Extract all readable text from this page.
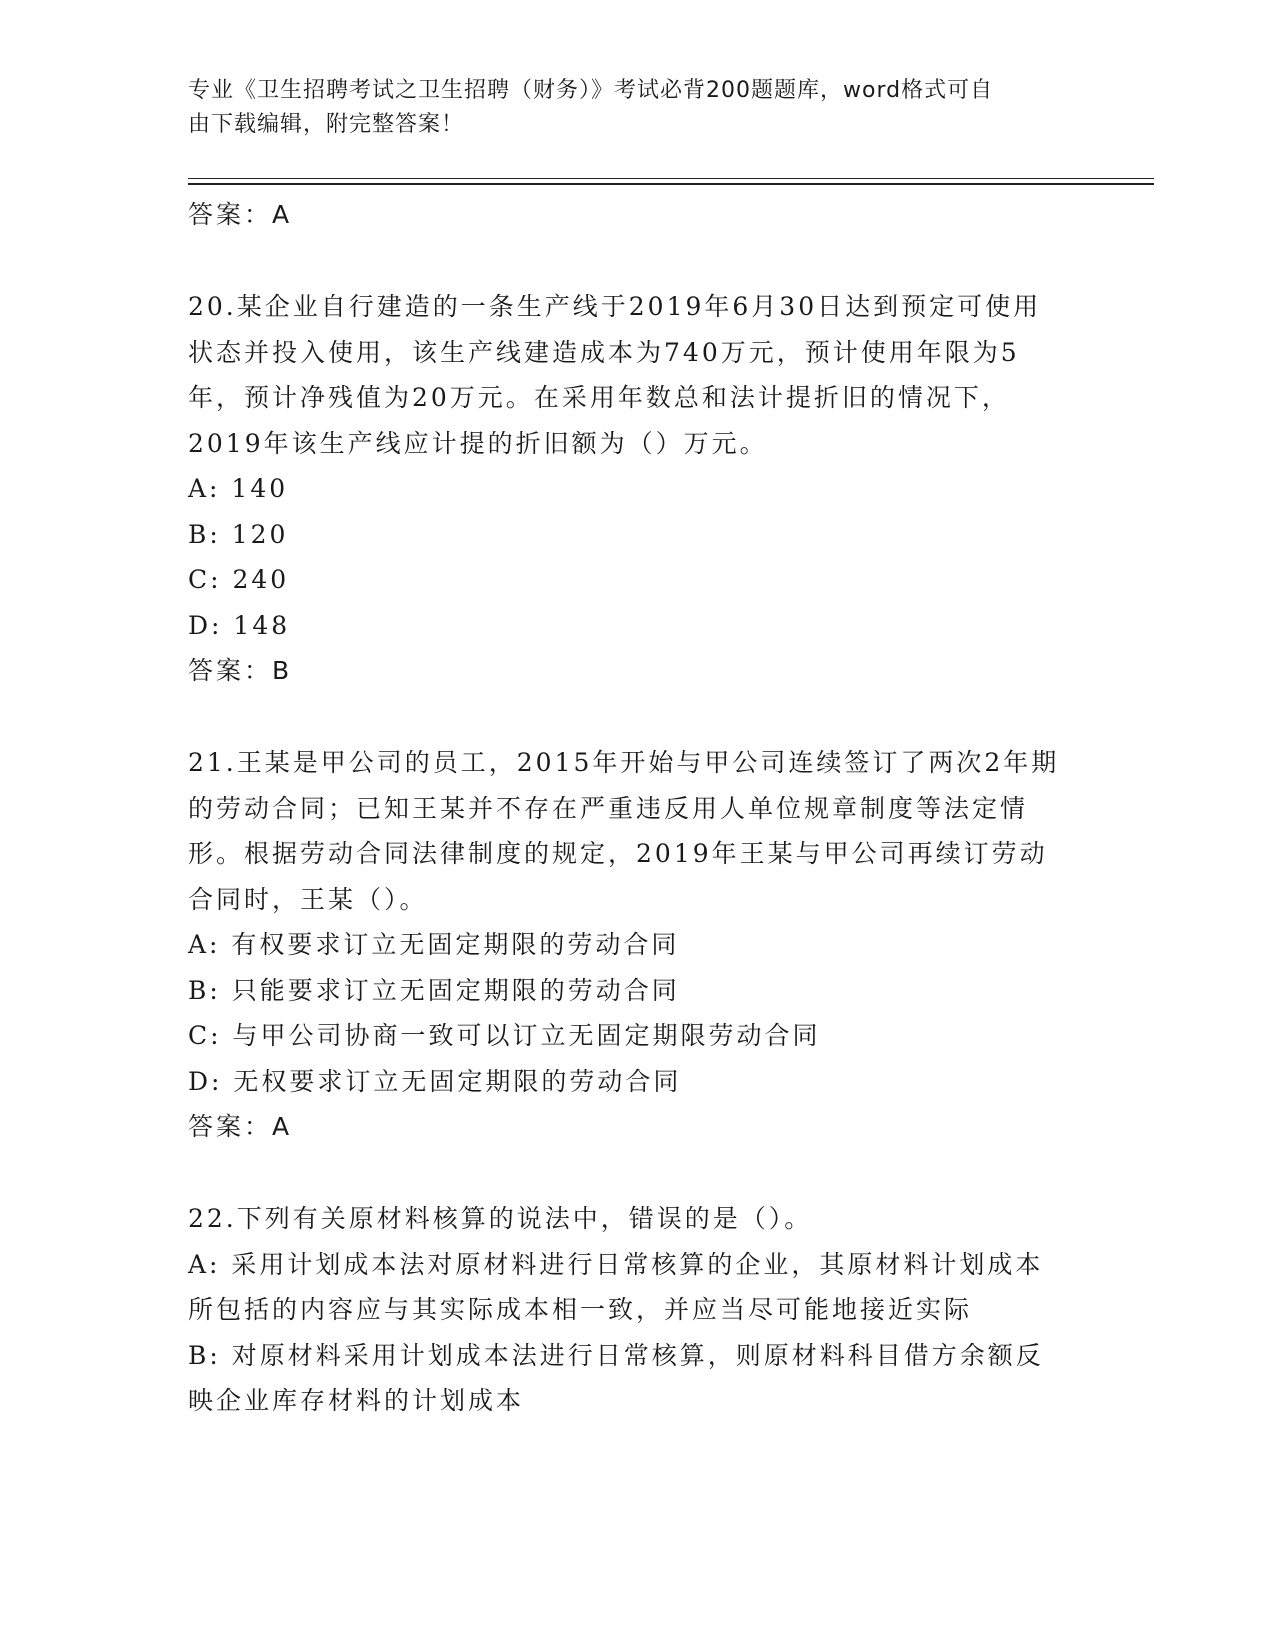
专业《卫生招聘考试之卫生招聘（财务）》考试必背200题题库，word格式可自
由下载编辑，附完整答案！

答案：A

20.某企业自行建造的一条生产线于2019年6月30日达到预定可使用

状态并投入使用，该生产线建造成本为740万元，预计使用年限为5

年，预计净残值为20万元。在采用年数总和法计提折旧的情况下，

2019年该生产线应计提的折旧额为（）万元。

A: 140

B: 120

C: 240

D: 148

答案：B

21.王某是甲公司的员工，2015年开始与甲公司连续签订了两次2年期

的劳动合同；已知王某并不存在严重违反用人单位规章制度等法定情

形。根据劳动合同法律制度的规定，2019年王某与甲公司再续订劳动

合同时，王某（）。

A: 有权要求订立无固定期限的劳动合同

B: 只能要求订立无固定期限的劳动合同

C: 与甲公司协商一致可以订立无固定期限劳动合同

D: 无权要求订立无固定期限的劳动合同

答案：A

22.下列有关原材料核算的说法中，错误的是（）。

A: 采用计划成本法对原材料进行日常核算的企业，其原材料计划成本

所包括的内容应与其实际成本相一致，并应当尽可能地接近实际

B: 对原材料采用计划成本法进行日常核算，则原材料科目借方余额反

映企业库存材料的计划成本
